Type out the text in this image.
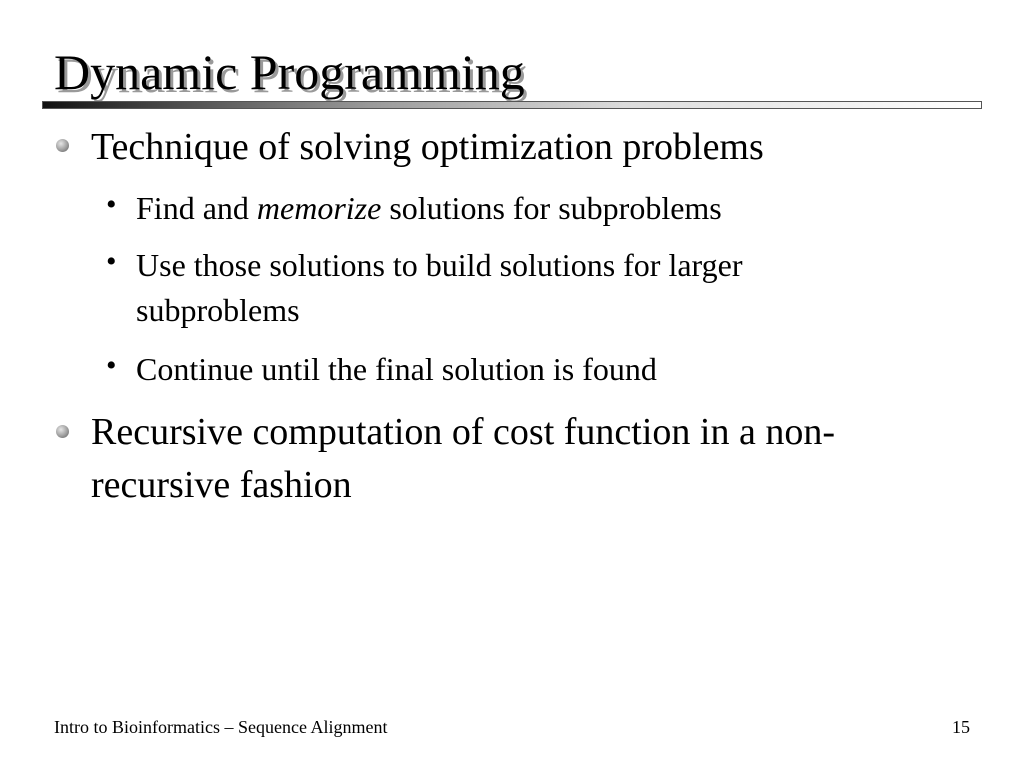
Dynamic Programming
Technique of solving optimization problems
• Find and memorize solutions for subproblems
• Use those solutions to build solutions for larger subproblems
• Continue until the final solution is found
Recursive computation of cost function in a non-recursive fashion
Intro to Bioinformatics – Sequence Alignment	15
